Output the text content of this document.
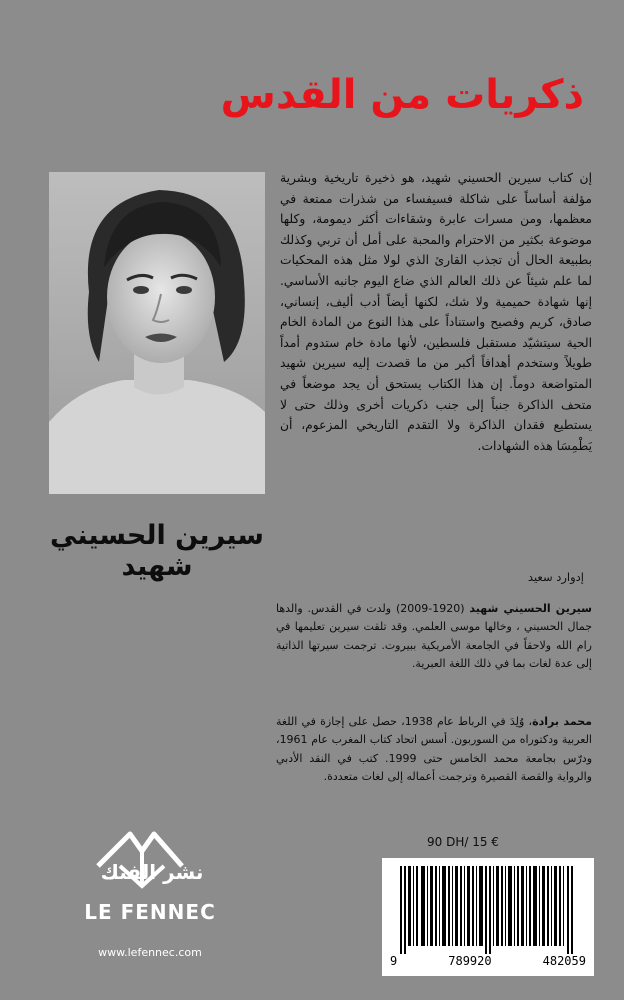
ذكريات من القدس
سيرين الحسيني شهيد
إن كتاب سيرين الحسيني شهيد، هو ذخيرة تاريخية وبشرية مؤلفة أساساً على شاكلة فسيفساء من شذرات ممتعة في معظمها، ومن مسرات عابرة وشقاءات أكثر ديمومة، وكلها موضوعة بكثير من الاحترام والمحبة على أمل أن تربي وكذلك بطبيعة الحال أن تجذب القارئ الذي لولا مثل هذه المحكيات لما علم شيئاً عن ذلك العالم الذي ضاع اليوم جانبه الأساسي. إنها شهادة حميمية ولا شك، لكنها أيضاً أدب أليف، إنساني، صادق، كريم وفصيح واستناداً على هذا النوع من المادة الخام الحية سيتشيّد مستقبل فلسطين، لأنها مادة خام ستدوم أمداً طويلاً وستخدم أهدافاً أكبر من ما قصدت إليه سيرين شهيد المتواضعة دوماً. إن هذا الكتاب يستحق أن يجد موضعاً في متحف الذاكرة جنباً إلى جنب ذكريات أخرى وذلك حتى لا يستطيع فقدان الذاكرة ولا التقدم التاريخي المزعوم، أن يَطْمِسَا هذه الشهادات.
إدوارد سعيد
سيرين الحسيني شهيد (1920-2009) ولدت في القدس. والدها جمال الحسيني ، وخالها موسى العلمي. وقد تلقت سيرين تعليمها في رام الله ولاحقاً في الجامعة الأمريكية ببيروت. ترجمت سيرتها الذاتية إلى عدة لغات بما في ذلك اللغة العبرية.
محمد برادة، وُلِدَ في الرباط عام 1938، حصل على إجازة في اللغة العربية ودكتوراه من السوربون. أسس اتحاد كتاب المغرب عام 1961، ودرّس بجامعة محمد الخامس حتى 1999. كتب في النقد الأدبي والرواية والقصة القصيرة وترجمت أعماله إلى لغات متعددة.
90 DH/ 15 €
9	789920	482059
نشر الفنك
LE FENNEC
www.lefennec.com
